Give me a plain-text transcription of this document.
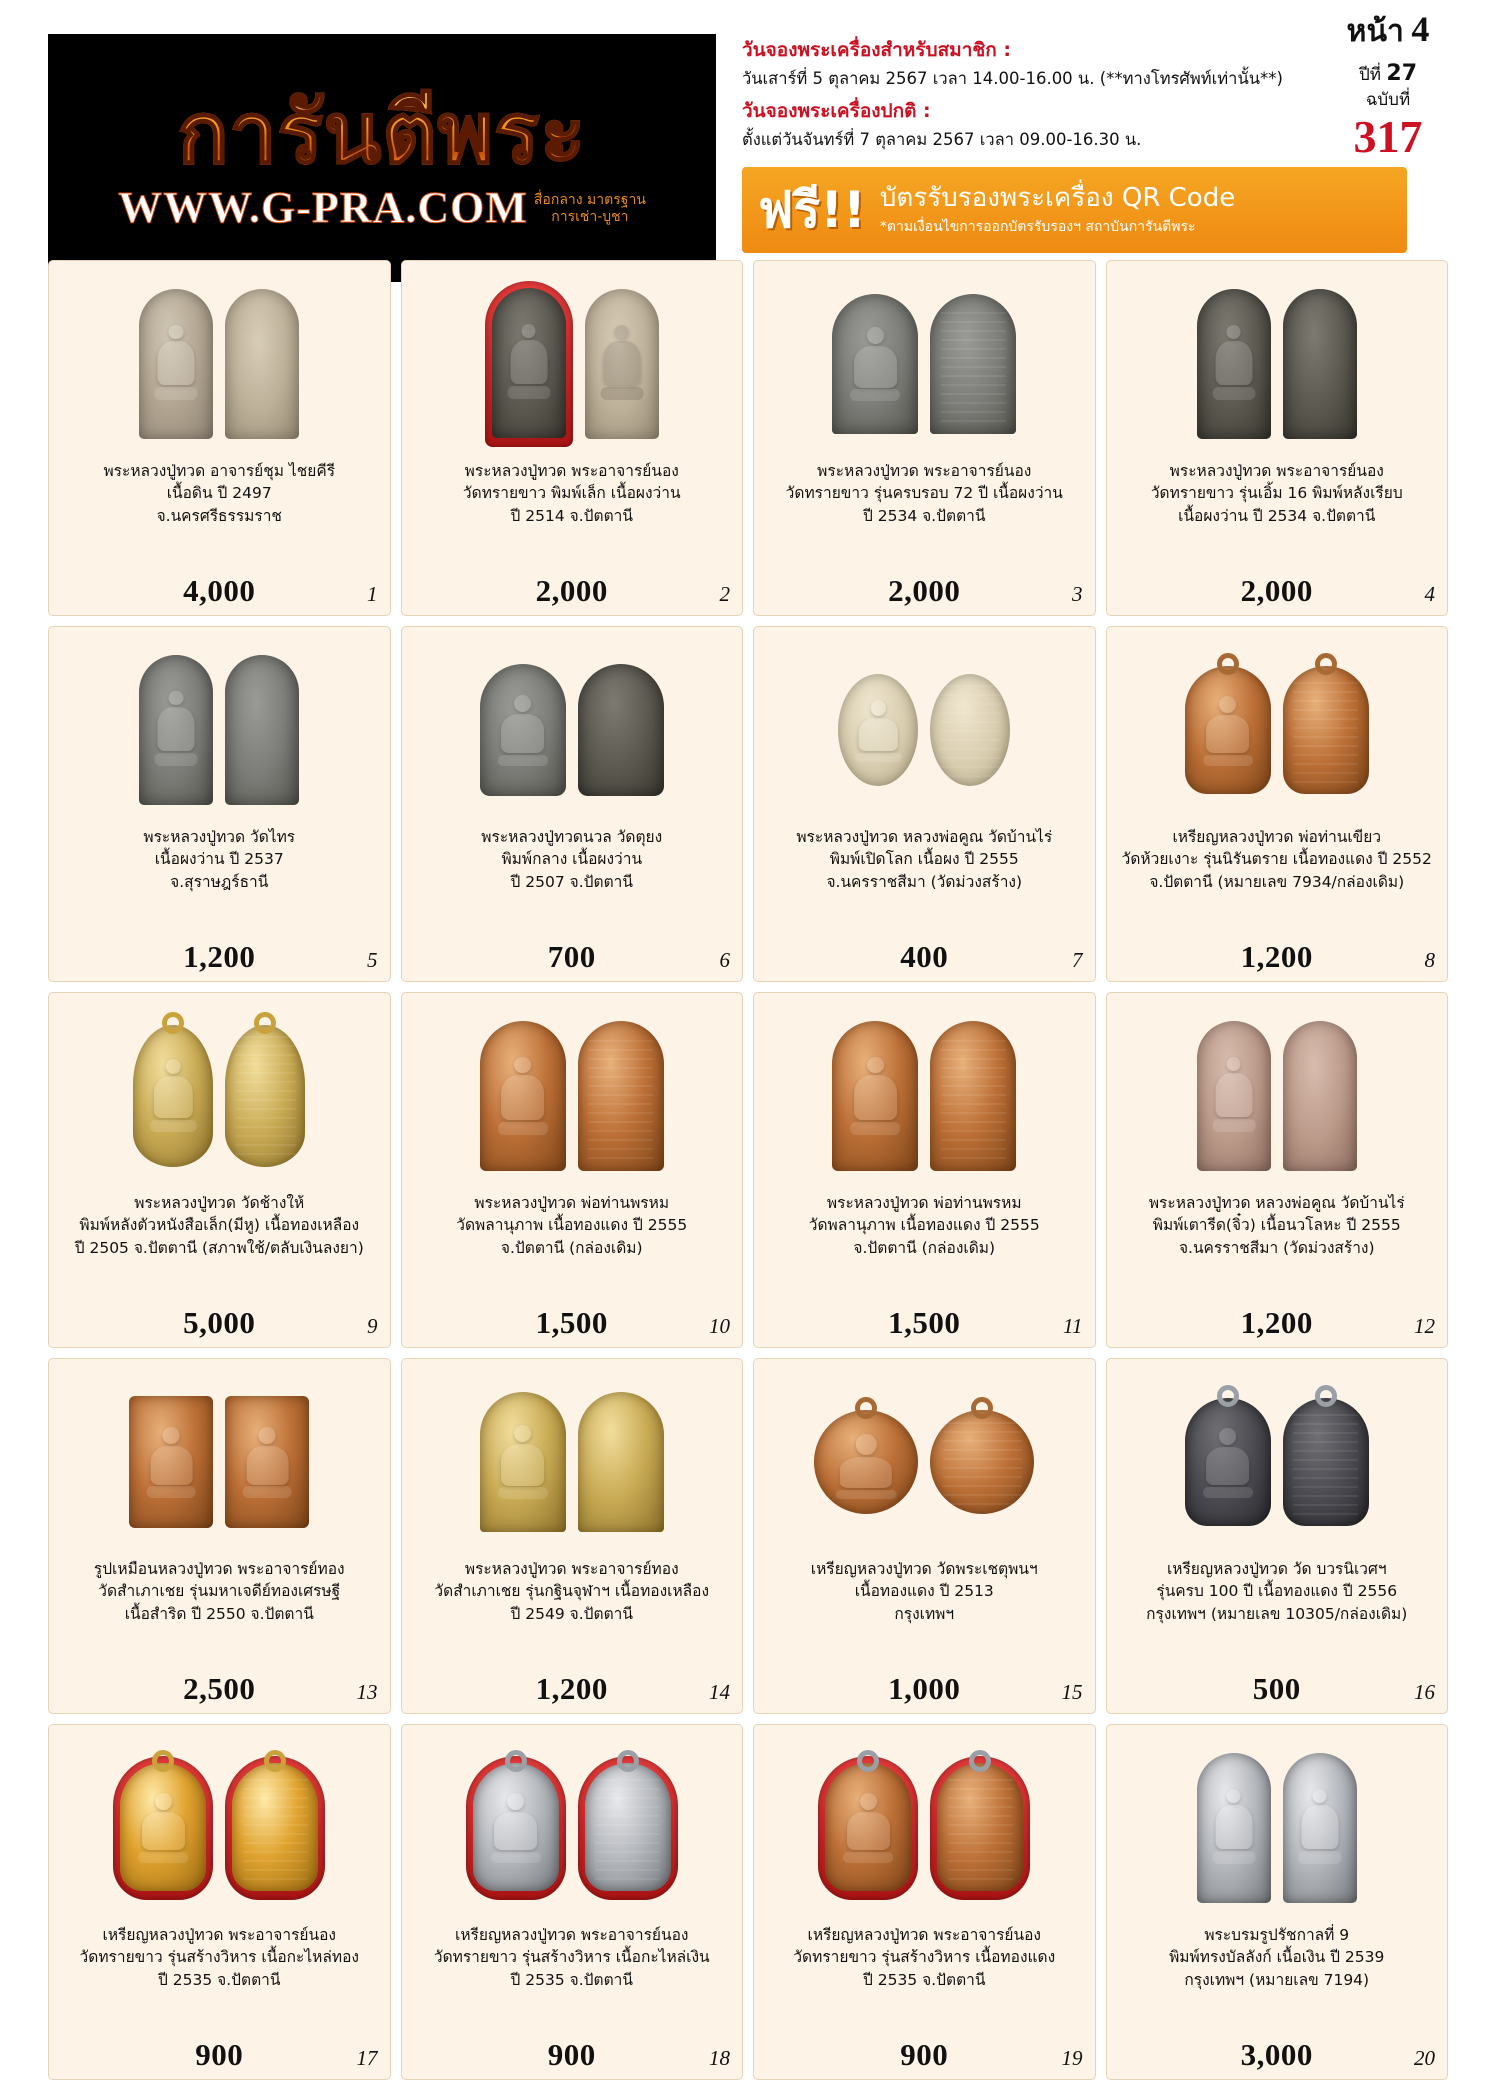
การันตีพระ
WWW.G-PRA.COM สื่อกลาง มาตรฐาน
การเช่า-บูชา
หน้า 4
ปีที่ 27
ฉบับที่
317
วันจองพระเครื่องสำหรับสมาชิก :
วันเสาร์ที่ 5 ตุลาคม 2567 เวลา 14.00-16.00 น. (**ทางโทรศัพท์เท่านั้น**)
วันจองพระเครื่องปกติ :
ตั้งแต่วันจันทร์ที่ 7 ตุลาคม 2567 เวลา 09.00-16.30 น.
ฟรี!! บัตรรับรองพระเครื่อง QR Code
*ตามเงื่อนไขการออกบัตรรับรองฯ สถาบันการันตีพระ
พระหลวงปู่ทวด อาจารย์ชุม ไชยคีรี
เนื้อดิน ปี 2497
จ.นครศรีธรรมราช
4,000	1
พระหลวงปู่ทวด พระอาจารย์นอง
วัดทรายขาว พิมพ์เล็ก เนื้อผงว่าน
ปี 2514 จ.ปัตตานี
2,000	2
พระหลวงปู่ทวด พระอาจารย์นอง
วัดทรายขาว รุ่นครบรอบ 72 ปี เนื้อผงว่าน
ปี 2534 จ.ปัตตานี
2,000	3
พระหลวงปู่ทวด พระอาจารย์นอง
วัดทรายขาว รุ่นเอิ้ม 16 พิมพ์หลังเรียบ
เนื้อผงว่าน ปี 2534 จ.ปัตตานี
2,000	4
พระหลวงปู่ทวด วัดไทร
เนื้อผงว่าน ปี 2537
จ.สุราษฎร์ธานี
1,200	5
พระหลวงปู่ทวดนวล วัดตุยง
พิมพ์กลาง เนื้อผงว่าน
ปี 2507 จ.ปัตตานี
700	6
พระหลวงปู่ทวด หลวงพ่อคูณ วัดบ้านไร่
พิมพ์เปิดโลก เนื้อผง ปี 2555
จ.นครราชสีมา (วัดม่วงสร้าง)
400	7
เหรียญหลวงปู่ทวด พ่อท่านเขียว
วัดห้วยเงาะ รุ่นนิรันตราย เนื้อทองแดง ปี 2552
จ.ปัตตานี (หมายเลข 7934/กล่องเดิม)
1,200	8
พระหลวงปู่ทวด วัดช้างให้
พิมพ์หลังตัวหนังสือเล็ก(มีหู) เนื้อทองเหลือง
ปี 2505 จ.ปัตตานี (สภาพใช้/ตลับเงินลงยา)
5,000	9
พระหลวงปู่ทวด พ่อท่านพรหม
วัดพลานุภาพ เนื้อทองแดง ปี 2555
จ.ปัตตานี (กล่องเดิม)
1,500	10
พระหลวงปู่ทวด พ่อท่านพรหม
วัดพลานุภาพ เนื้อทองแดง ปี 2555
จ.ปัตตานี (กล่องเดิม)
1,500	11
พระหลวงปู่ทวด หลวงพ่อคูณ วัดบ้านไร่
พิมพ์เตารีด(จิ๋ว) เนื้อนวโลหะ ปี 2555
จ.นครราชสีมา (วัดม่วงสร้าง)
1,200	12
รูปเหมือนหลวงปู่ทวด พระอาจารย์ทอง
วัดสำเภาเชย รุ่นมหาเจดีย์ทองเศรษฐี
เนื้อสำริด ปี 2550 จ.ปัตตานี
2,500	13
พระหลวงปู่ทวด พระอาจารย์ทอง
วัดสำเภาเชย รุ่นกฐินจุฬาฯ เนื้อทองเหลือง
ปี 2549 จ.ปัตตานี
1,200	14
เหรียญหลวงปู่ทวด วัดพระเชตุพนฯ
เนื้อทองแดง ปี 2513
กรุงเทพฯ
1,000	15
เหรียญหลวงปู่ทวด วัด บวรนิเวศฯ
รุ่นครบ 100 ปี เนื้อทองแดง ปี 2556
กรุงเทพฯ (หมายเลข 10305/กล่องเดิม)
500	16
เหรียญหลวงปู่ทวด พระอาจารย์นอง
วัดทรายขาว รุ่นสร้างวิหาร เนื้อกะไหล่ทอง
ปี 2535 จ.ปัตตานี
900	17
เหรียญหลวงปู่ทวด พระอาจารย์นอง
วัดทรายขาว รุ่นสร้างวิหาร เนื้อกะไหล่เงิน
ปี 2535 จ.ปัตตานี
900	18
เหรียญหลวงปู่ทวด พระอาจารย์นอง
วัดทรายขาว รุ่นสร้างวิหาร เนื้อทองแดง
ปี 2535 จ.ปัตตานี
900	19
พระบรมรูปรัชกาลที่ 9
พิมพ์ทรงบัลลังก์ เนื้อเงิน ปี 2539
กรุงเทพฯ (หมายเลข 7194)
3,000	20
